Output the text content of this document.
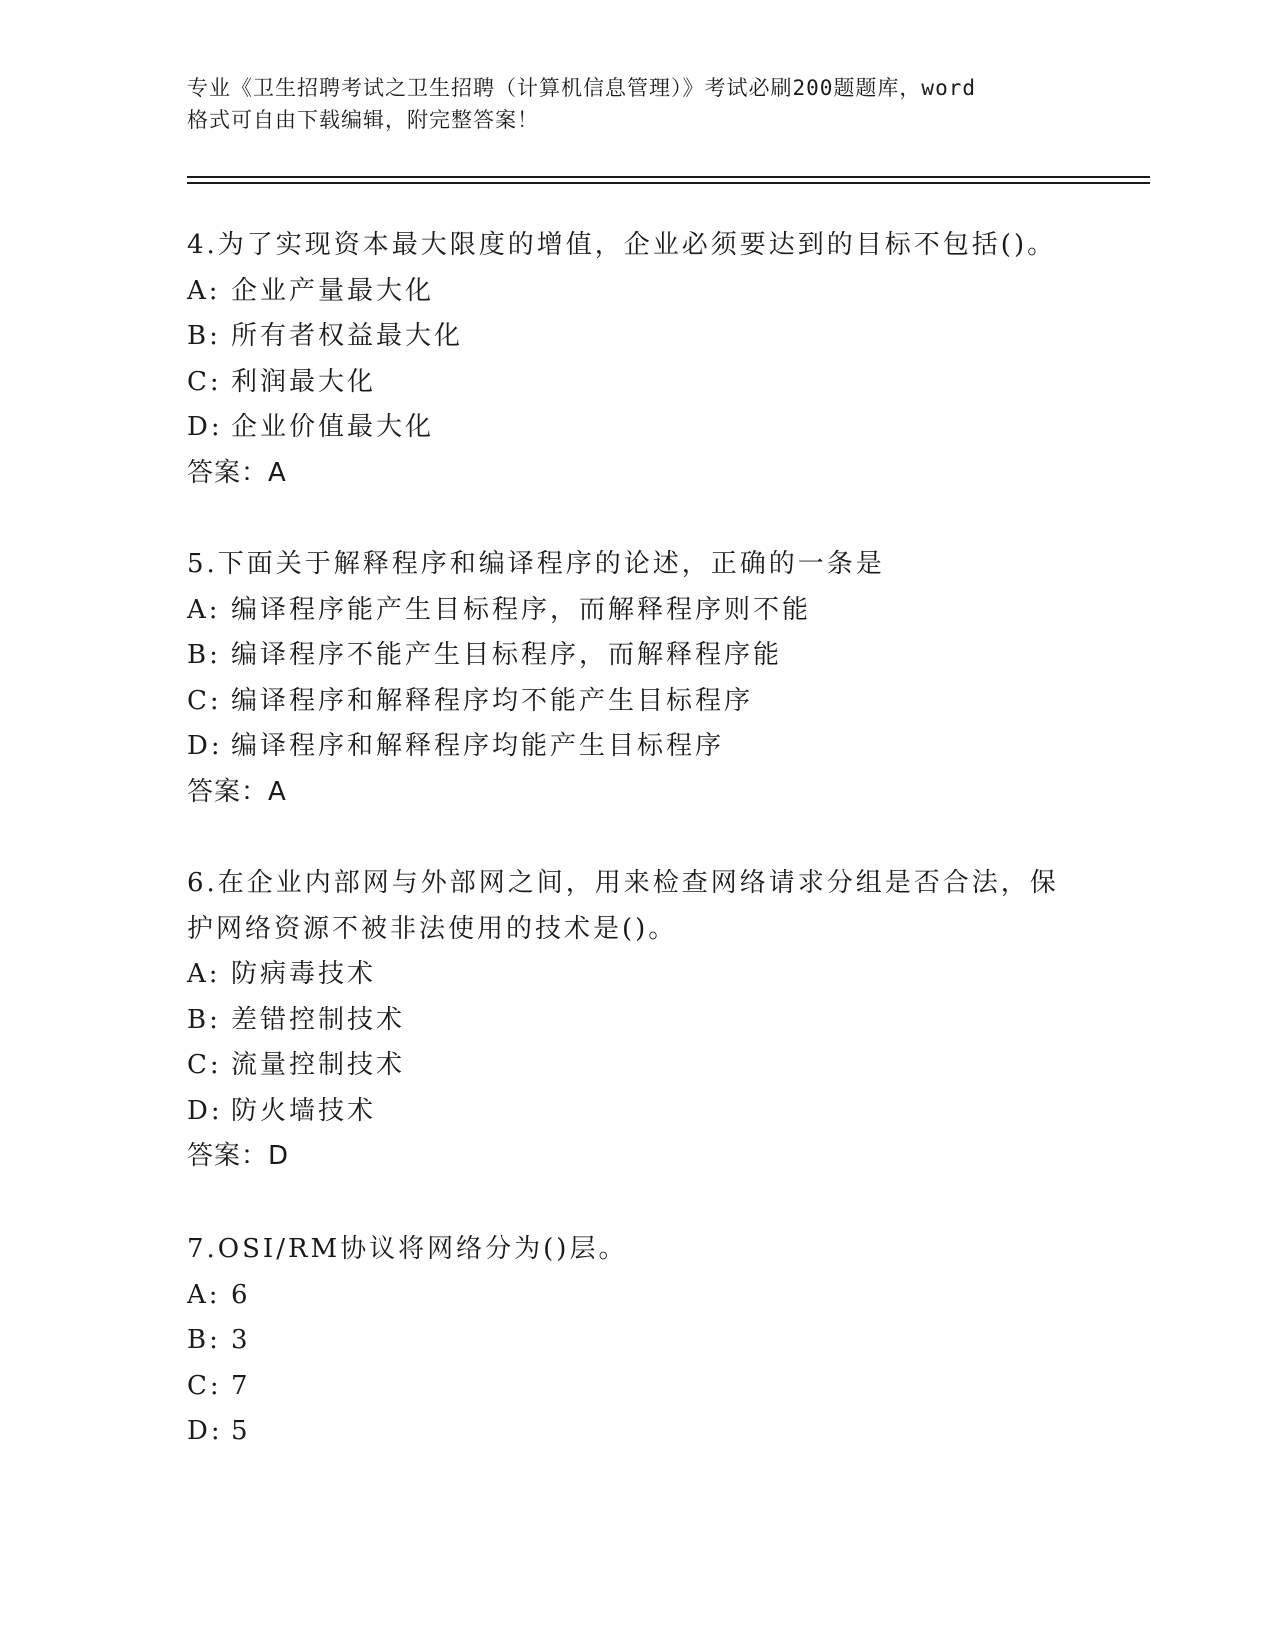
专业《卫生招聘考试之卫生招聘（计算机信息管理）》考试必刷200题题库，word
格式可自由下载编辑，附完整答案！
4.为了实现资本最大限度的增值，企业必须要达到的目标不包括()。
A: 企业产量最大化
B: 所有者权益最大化
C: 利润最大化
D: 企业价值最大化
答案：A
5.下面关于解释程序和编译程序的论述，正确的一条是
A: 编译程序能产生目标程序，而解释程序则不能
B: 编译程序不能产生目标程序，而解释程序能
C: 编译程序和解释程序均不能产生目标程序
D: 编译程序和解释程序均能产生目标程序
答案：A
6.在企业内部网与外部网之间，用来检查网络请求分组是否合法，保
护网络资源不被非法使用的技术是()。
A: 防病毒技术
B: 差错控制技术
C: 流量控制技术
D: 防火墙技术
答案：D
7.OSI/RM协议将网络分为()层。
A: 6
B: 3
C: 7
D: 5
